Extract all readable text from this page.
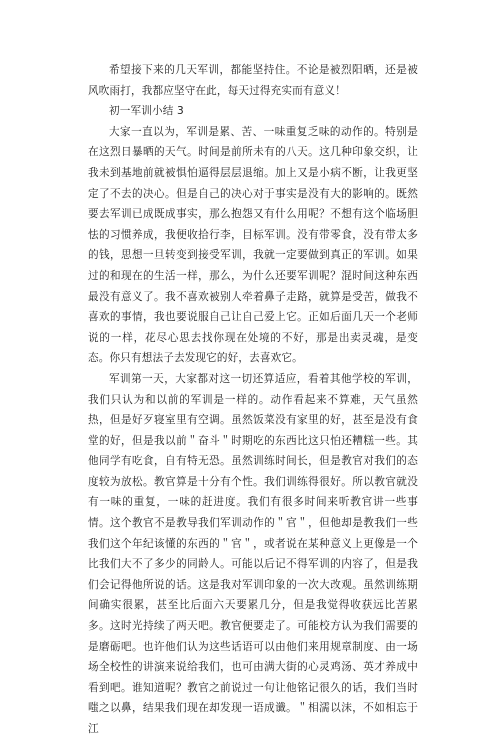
希望接下来的几天军训，都能坚持住。不论是被烈阳晒，还是被风吹雨打，我都应坚守在此，每天过得充实而有意义！

初一军训小结 3

大家一直以为，军训是累、苦、一味重复乏味的动作的。特别是在这烈日暴晒的天气。时间是前所未有的八天。这几种印象交织，让我未到基地前就被惧怕逼得层层退缩。加上又是小病不断，让我更坚定了不去的决心。但是自己的决心对于事实是没有大的影响的。既然要去军训已成既成事实，那么抱怨又有什么用呢？不想有这个临场胆怯的习惯养成，我便收拾行李，目标军训。没有带零食，没有带太多的钱，思想一旦转变到接受军训，我就一定要做到真正的军训。如果过的和现在的生活一样，那么，为什么还要军训呢？混时间这种东西最没有意义了。我不喜欢被别人牵着鼻子走路，就算是受苦，做我不喜欢的事情，我也要说服自己让自己爱上它。正如后面几天一个老师说的一样，花尽心思去找你现在处境的不好，那是出卖灵魂，是变态。你只有想法子去发现它的好，去喜欢它。

军训第一天，大家都对这一切还算适应，看着其他学校的军训，我们只认为和以前的军训是一样的。动作看起来不算难，天气虽然热，但是好歹寝室里有空调。虽然饭菜没有家里的好，甚至是没有食堂的好，但是我以前＂奋斗＂时期吃的东西比这只怕还糟糕一些。其他同学有吃食，自有特无恐。虽然训练时间长，但是教官对我们的态度较为放松。教官算是十分有个性。我们训练得很好。所以教官就没有一味的重复，一味的赶进度。我们有很多时间来听教官讲一些事情。这个教官不是教导我们军训动作的＂官＂，但他却是教我们一些我们这个年纪该懂的东西的＂官＂，或者说在某种意义上更像是一个比我们大不了多少的同龄人。可能以后记不得军训的内容了，但是我们会记得他所说的话。这是我对军训印象的一次大改观。虽然训练期间确实很累，甚至比后面六天要累几分，但是我觉得收获远比苦累多。这时光持续了两天吧。教官便要走了。可能校方认为我们需要的是磨砺吧。也许他们认为这些话语可以由他们来用规章制度、由一场场全校性的讲演来说给我们，也可由满大街的心灵鸡汤、英才养成中看到吧。谁知道呢？教官之前说过一句让他铭记很久的话，我们当时嗤之以鼻，结果我们现在却发现一语成谶。＂相濡以沫，不如相忘于江
